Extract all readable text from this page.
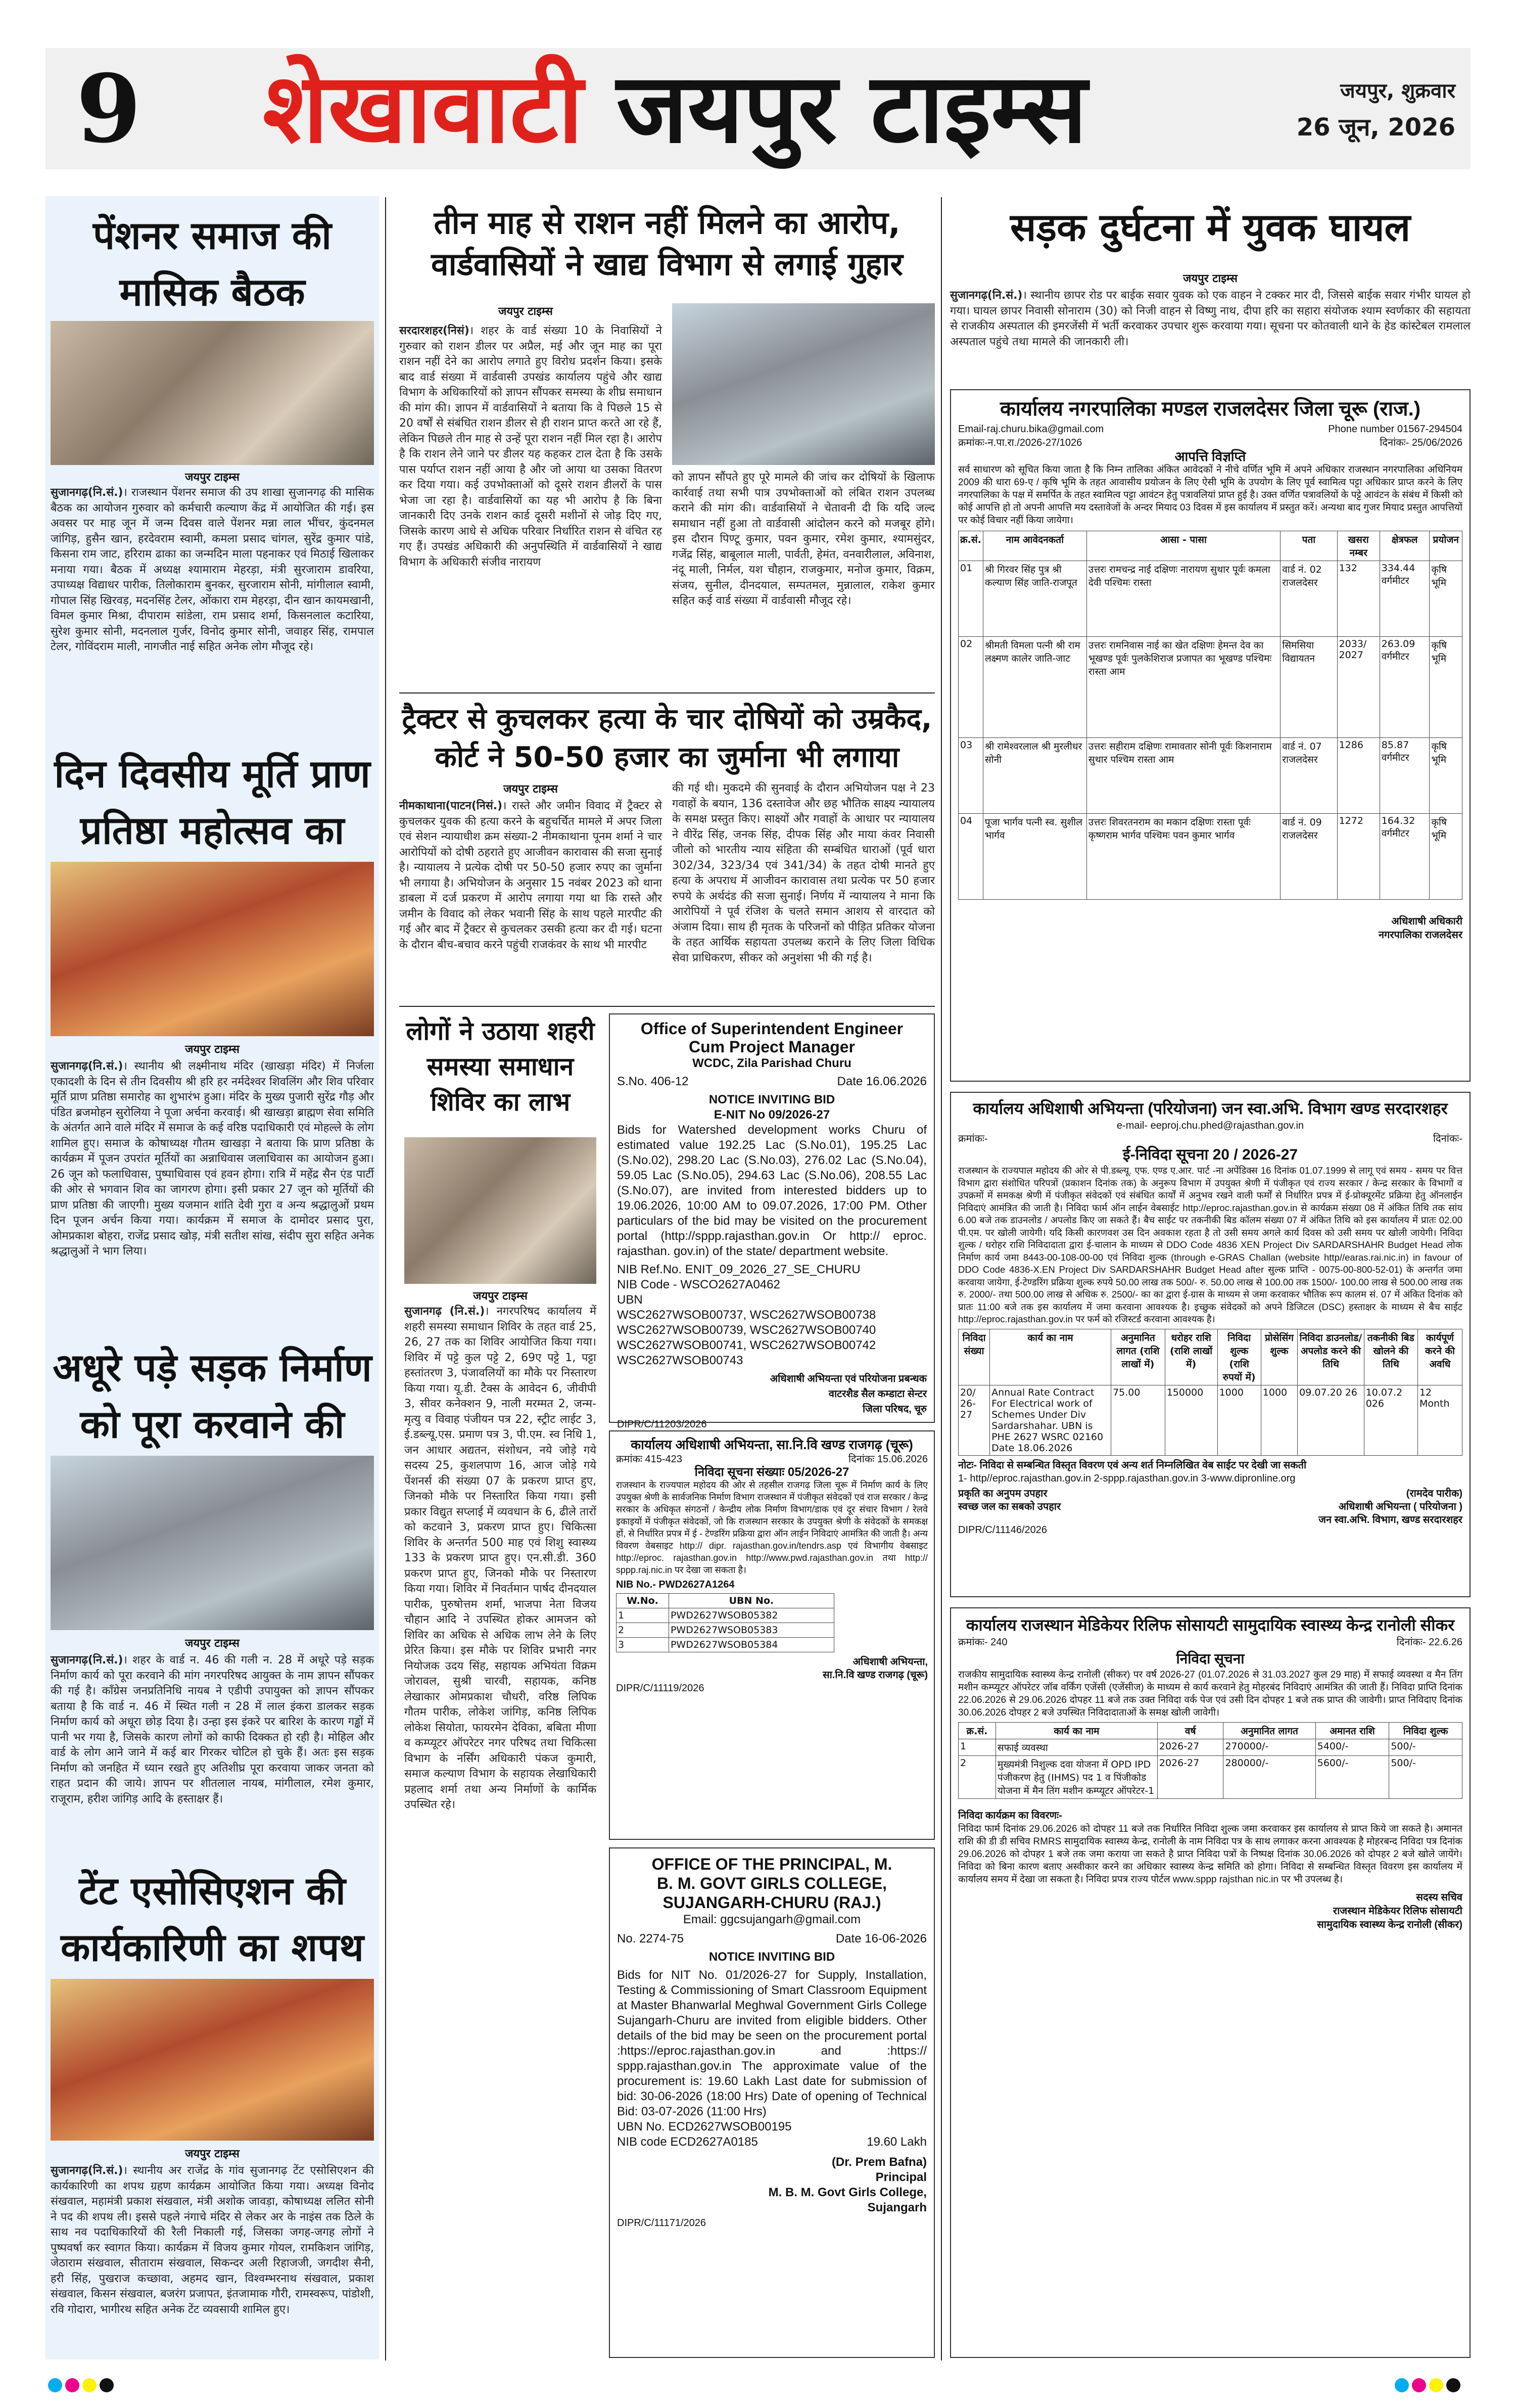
9 शेखावाटी जयपुर टाइम्स	जयपुर, शुक्रवार
26 जून, 2026
पेंशनर समाज की मासिक बैठक
जयपुर टाइम्स
सुजानगढ़(नि.सं.)। राजस्थान पेंशनर समाज की उप शाखा सुजानगढ़ की मासिक बैठक का आयोजन गुरुवार को कर्मचारी कल्याण केंद्र में आयोजित की गई। इस अवसर पर माह जून में जन्म दिवस वाले पेंशनर मन्ना लाल भींचर, कुंदनमल जांगिड़, हुसैन खान, हरदेवराम स्वामी, कमला प्रसाद चांगल, सुरेंद्र कुमार पांडे, किसना राम जाट, हरिराम ढाका का जन्मदिन माला पहनाकर एवं मिठाई खिलाकर मनाया गया। बैठक में अध्यक्ष श्यामाराम मेहरड़ा, मंत्री सुरजाराम डावरिया, उपाध्यक्ष विद्याधर पारीक, तिलोकाराम बुनकर, सुरजाराम सोनी, मांगीलाल स्वामी, गोपाल सिंह खिरवड़, मदनसिंह टेलर, ओंकारा राम मेहरड़ा, दीन खान कायमखानी, विमल कुमार मिश्रा, दीपाराम सांडेला, राम प्रसाद शर्मा, किसनलाल कटारिया, सुरेश कुमार सोनी, मदनलाल गुर्जर, विनोद कुमार सोनी, जवाहर सिंह, रामपाल टेलर, गोविंदराम माली, नागजीत नाई सहित अनेक लोग मौजूद रहे।
दिन दिवसीय मूर्ति प्राण प्रतिष्ठा महोत्सव का
जयपुर टाइम्स
सुजानगढ़(नि.सं.)। स्थानीय श्री लक्ष्मीनाथ मंदिर (खाखड़ा मंदिर) में निर्जला एकादशी के दिन से तीन दिवसीय श्री हरि हर नर्मदेश्वर शिवलिंग और शिव परिवार मूर्ति प्राण प्रतिष्ठा समारोह का शुभारंभ हुआ। मंदिर के मुख्य पुजारी सुरेंद्र गौड़ और पंडित ब्रजमोहन सुरोलिया ने पूजा अर्चना करवाई। श्री खाखड़ा ब्राह्मण सेवा समिति के अंतर्गत आने वाले मंदिर में समाज के कई वरिष्ठ पदाधिकारी एवं मोहल्ले के लोग शामिल हुए। समाज के कोषाध्यक्ष गौतम खाखड़ा ने बताया कि प्राण प्रतिष्ठा के कार्यक्रम में पूजन उपरांत मूर्तियों का अन्नाधिवास जलाधिवास का आयोजन हुआ। 26 जून को फलाधिवास, पुष्पाधिवास एवं हवन होगा। रात्रि में महेंद्र सैन एंड पार्टी की ओर से भगवान शिव का जागरण होगा। इसी प्रकार 27 जून को मूर्तियों की प्राण प्रतिष्ठा की जाएगी। मुख्य यजमान शांति देवी गुरा व अन्य श्रद्धालुओं प्रथम दिन पूजन अर्चन किया गया। कार्यक्रम में समाज के दामोदर प्रसाद पुरा, ओमप्रकाश बोहरा, राजेंद्र प्रसाद खोड़, मंत्री सतीश सांख, संदीप सुरा सहित अनेक श्रद्धालुओं ने भाग लिया।
अधूरे पड़े सड़क निर्माण को पूरा करवाने की
जयपुर टाइम्स
सुजानगढ़(नि.सं.)। शहर के वार्ड न. 46 की गली न. 28 में अधूरे पड़े सड़क निर्माण कार्य को पूरा करवाने की मांग नगरपरिषद आयुक्त के नाम ज्ञापन सौंपकर की गई है। कॉंग्रेस जनप्रतिनिधि नायब ने एडीपी उपायुक्त को ज्ञापन सौंपकर बताया है कि वार्ड न. 46 में स्थित गली न 28 में लाल इंकरा डालकर सड़क निर्माण कार्य को अधूरा छोड़ दिया है। उन्हा इस इंकरे पर बारिश के कारण गड्ढों में पानी भर गया है, जिसके कारण लोगों को काफी दिक्कत हो रही है। मोहिल और वार्ड के लोग आने जाने में कई बार गिरकर चोटिल हो चुके हैं। अतः इस सड़क निर्माण को जनहित में ध्यान रखते हुए अतिशीघ्र पूरा करवाया जाकर जनता को राहत प्रदान की जाये। ज्ञापन पर शीतलाल नायब, मांगीलाल, रमेश कुमार, राजूराम, हरीश जांगिड़ आदि के हस्ताक्षर हैं।
टेंट एसोसिएशन की कार्यकारिणी का शपथ
जयपुर टाइम्स
सुजानगढ़(नि.सं.)। स्थानीय अर राजेंद्र के गांव सुजानगढ़ टेंट एसोसिएशन की कार्यकारिणी का शपथ ग्रहण कार्यक्रम आयोजित किया गया। अध्यक्ष विनोद संखवाल, महामंत्री प्रकाश संखवाल, मंत्री अशोक जावड़ा, कोषाध्यक्ष ललित सोनी ने पद की शपथ ली। इससे पहले नंगाचे मंदिर से लेकर अर के नाइंस तक ठिले के साथ नव पदाधिकारियों की रैली निकाली गई, जिसका जगह-जगह लोगों ने पुष्पवर्षा कर स्वागत किया। कार्यक्रम में विजय कुमार गोयल, रामकिशन जांगिड़, जेठाराम संखवाल, सीताराम संखवाल, सिकन्दर अली रिहाजजी, जगदीश सैनी, हरी सिंह, पुखराज कच्छावा, अहमद खान, विश्वम्भरनाथ संखवाल, प्रकाश संखवाल, किसन संखवाल, बजरंग प्रजापत, इंतजामाक गौरी, रामस्वरूप, पांडोशी, रवि गोदारा, भागीरथ सहित अनेक टेंट व्यवसायी शामिल हुए।
तीन माह से राशन नहीं मिलने का आरोप, वार्डवासियों ने खाद्य विभाग से लगाई गुहार
जयपुर टाइम्स
सरदारशहर(निसं)। शहर के वार्ड संख्या 10 के निवासियों ने गुरुवार को राशन डीलर पर अप्रैल, मई और जून माह का पूरा राशन नहीं देने का आरोप लगाते हुए विरोध प्रदर्शन किया। इसके बाद वार्ड संख्या में वार्डवासी उपखंड कार्यालय पहुंचे और खाद्य विभाग के अधिकारियों को ज्ञापन सौंपकर समस्या के शीघ्र समाधान की मांग की। ज्ञापन में वार्डवासियों ने बताया कि वे पिछले 15 से 20 वर्षों से संबंधित राशन डीलर से ही राशन प्राप्त करते आ रहे हैं, लेकिन पिछले तीन माह से उन्हें पूरा राशन नहीं मिल रहा है। आरोप है कि राशन लेने जाने पर डीलर यह कहकर टाल देता है कि उसके पास पर्याप्त राशन नहीं आया है और जो आया था उसका वितरण कर दिया गया। कई उपभोक्ताओं को दूसरे राशन डीलरों के पास भेजा जा रहा है। वार्डवासियों का यह भी आरोप है कि बिना जानकारी दिए उनके राशन कार्ड दूसरी मशीनों से जोड़ दिए गए, जिसके कारण आधे से अधिक परिवार निर्धारित राशन से वंचित रह गए हैं। उपखंड अधिकारी की अनुपस्थिति में वार्डवासियों ने खाद्य विभाग के अधिकारी संजीव नारायण
को ज्ञापन सौंपते हुए पूरे मामले की जांच कर दोषियों के खिलाफ कार्रवाई तथा सभी पात्र उपभोक्ताओं को लंबित राशन उपलब्ध कराने की मांग की। वार्डवासियों ने चेतावनी दी कि यदि जल्द समाधान नहीं हुआ तो वार्डवासी आंदोलन करने को मजबूर होंगे। इस दौरान पिण्टू कुमार, पवन कुमार, रमेश कुमार, श्यामसुंदर, गजेंद्र सिंह, बाबूलाल माली, पार्वती, हेमंत, वनवारीलाल, अविनाश, नंदू माली, निर्मल, यश चौहान, राजकुमार, मनोज कुमार, विक्रम, संजय, सुनील, दीनदयाल, सम्पतमल, मुन्नालाल, राकेश कुमार सहित कई वार्ड संख्या में वार्डवासी मौजूद रहे।
ट्रैक्टर से कुचलकर हत्या के चार दोषियों को उम्रकैद, कोर्ट ने 50-50 हजार का जुर्माना भी लगाया
जयपुर टाइम्स
नीमकाथाना(पाटन(निसं.)। रास्ते और जमीन विवाद में ट्रैक्टर से कुचलकर युवक की हत्या करने के बहुचर्चित मामले में अपर जिला एवं सेशन न्यायाधीश क्रम संख्या-2 नीमकाथाना पूनम शर्मा ने चार आरोपियों को दोषी ठहराते हुए आजीवन कारावास की सजा सुनाई है। न्यायालय ने प्रत्येक दोषी पर 50-50 हजार रुपए का जुर्माना भी लगाया है। अभियोजन के अनुसार 15 नवंबर 2023 को थाना डाबला में दर्ज प्रकरण में आरोप लगाया गया था कि रास्ते और जमीन के विवाद को लेकर भवानी सिंह के साथ पहले मारपीट की गई और बाद में ट्रैक्टर से कुचलकर उसकी हत्या कर दी गई। घटना के दौरान बीच-बचाव करने पहुंची राजकंवर के साथ भी मारपीट
की गई थी। मुकदमे की सुनवाई के दौरान अभियोजन पक्ष ने 23 गवाहों के बयान, 136 दस्तावेज और छह भौतिक साक्ष्य न्यायालय के समक्ष प्रस्तुत किए। साक्ष्यों और गवाहों के आधार पर न्यायालय ने वीरेंद्र सिंह, जनक सिंह, दीपक सिंह और माया कंवर निवासी जीलो को भारतीय न्याय संहिता की सम्बंधित धाराओं (पूर्व धारा 302/34, 323/34 एवं 341/34) के तहत दोषी मानते हुए हत्या के अपराध में आजीवन कारावास तथा प्रत्येक पर 50 हजार रुपये के अर्थदंड की सजा सुनाई। निर्णय में न्यायालय ने माना कि आरोपियों ने पूर्व रंजिश के चलते समान आशय से वारदात को अंजाम दिया। साथ ही मृतक के परिजनों को पीड़ित प्रतिकर योजना के तहत आर्थिक सहायता उपलब्ध कराने के लिए जिला विधिक सेवा प्राधिकरण, सीकर को अनुशंसा भी की गई है।
लोगों ने उठाया शहरी समस्या समाधान शिविर का लाभ
जयपुर टाइम्स
सुजानगढ़ (नि.सं.)। नगरपरिषद कार्यालय में शहरी समस्या समाधान शिविर के तहत वार्ड 25, 26, 27 तक का शिविर आयोजित किया गया। शिविर में पट्टे कुल पट्टे 2, 69ए पट्टे 1, पट्टा हस्तांतरण 3, पंजावलियों का मौके पर निस्तारण किया गया। यू.डी. टैक्स के आवेदन 6, जीवीपी 3, सीवर कनेक्शन 9, नाली मरम्मत 2, जन्म-मृत्यु व विवाह पंजीयन पत्र 22, स्ट्रीट लाईट 3, ई.डब्ल्यू.एस. प्रमाण पत्र 3, पी.एम. स्व निधि 1, जन आधार अद्यतन, संशोधन, नये जोड़े गये सदस्य 25, कुशलपाण 16, आज जोड़े गये पेंशनर्स की संख्या 07 के प्रकरण प्राप्त हुए, जिनको मौके पर निस्तारित किया गया। इसी प्रकार विद्युत सप्लाई में व्यवधान के 6, ढीले तारों को कटवाने 3, प्रकरण प्राप्त हुए। चिकित्सा शिविर के अन्तर्गत 500 माह एवं शिशु स्वास्थ्य 133 के प्रकरण प्राप्त हुए। एन.सी.डी. 360 प्रकरण प्राप्त हुए, जिनको मौके पर निस्तारण किया गया। शिविर में निवर्तमान पार्षद दीनदयाल पारीक, पुरुषोत्तम शर्मा, भाजपा नेता विजय चौहान आदि ने उपस्थित होकर आमजन को शिविर का अधिक से अधिक लाभ लेने के लिए प्रेरित किया। इस मौके पर शिविर प्रभारी नगर नियोजक उदय सिंह, सहायक अभियंता विक्रम जोरावल, सुश्री चारवी, सहायक, कनिष्ठ लेखाकार ओमप्रकाश चौधरी, वरिष्ठ लिपिक गौतम पारीक, लोकेश जांगिड़, कनिष्ठ लिपिक लोकेश सियोता, फायरमेन देविका, बबिता मीणा व कम्प्यूटर ऑपरेटर नगर परिषद तथा चिकित्सा विभाग के नर्सिंग अधिकारी पंकज कुमारी, समाज कल्याण विभाग के सहायक लेखाधिकारी प्रहलाद शर्मा तथा अन्य निर्माणों के कार्मिक उपस्थित रहे।
Office of Superintendent Engineer
Cum Project Manager
WCDC, Zila Parishad Churu
S.No. 406-12	Date 16.06.2026
NOTICE INVITING BID
E-NIT No 09/2026-27
Bids for Watershed development works Churu of estimated value 192.25 Lac (S.No.01), 195.25 Lac (S.No.02), 298.20 Lac (S.No.03), 276.02 Lac (S.No.04), 59.05 Lac (S.No.05), 294.63 Lac (S.No.06), 208.55 Lac (S.No.07), are invited from interested bidders up to 19.06.2026, 10:00 AM to 09.07.2026, 17:00 PM. Other particulars of the bid may be visited on the procurement portal (http://sppp.rajasthan.gov.in Or http:// eproc. rajasthan. gov.in) of the state/ department website.
NIB Ref.No. ENIT_09_2026_27_SE_CHURU
NIB Code - WSCO2627A0462
UBN
WSC2627WSOB00737, WSC2627WSOB00738
WSC2627WSOB00739, WSC2627WSOB00740
WSC2627WSOB00741, WSC2627WSOB00742
WSC2627WSOB00743
अधिशाषी अभियन्ता एवं परियोजना प्रबन्धक
वाटरशैड सैल कम्डाटा सेन्टर
जिला परिषद, चूरु
DIPR/C/11203/2026
कार्यालय अधिशाषी अभियन्ता, सा.नि.वि खण्ड राजगढ़ (चूरू)
क्रमांकः 415-423	दिनांकः 15.06.2026
निविदा सूचना संख्याः 05/2026-27
राजस्थान के राज्यपाल महोदय की ओर से तहसील राजगढ़ जिला चूरू में निर्माण कार्य के लिए उपयुक्त श्रेणी के सार्वजनिक निर्माण विभाग राजस्थान में पंजीकृत संवेदकों एवं राज सरकार / केन्द्र सरकार के अधिकृत संगठनों / केन्द्रीय लोक निर्माण विभाग/डाक एवं दूर संचार विभाग / रेलवे इकाइयों में पंजीकृत संवेदकों, जो कि राजस्थान सरकार के उपयुक्त श्रेणी के संवेदकों के समकक्ष हों, से निर्धारित प्रपत्र में ई - टेण्डरिंग प्रक्रिया द्वारा ऑन लाईन निविदाएं आमंत्रित की जाती है। अन्य विवरण वेबसाइट http:// dipr. rajasthan.gov.in/tendrs.asp एवं विभागीय वेबसाइट http://eproc. rajasthan.gov.in http://www.pwd.rajasthan.gov.in तथा http:// sppp.raj.nic.in पर देखा जा सकता है।
NIB No.- PWD2627A1264
W.No.	UBN No.
1	PWD2627WSOB05382
2	PWD2627WSOB05383
3	PWD2627WSOB05384
अधिशाषी अभियन्ता,
सा.नि.वि खण्ड राजगढ़ (चूरू)
DIPR/C/11119/2026
OFFICE OF THE PRINCIPAL, M.
B. M. GOVT GIRLS COLLEGE,
SUJANGARH-CHURU (RAJ.)
Email: ggcsujangarh@gmail.com
No. 2274-75	Date 16-06-2026
NOTICE INVITING BID
Bids for NIT No. 01/2026-27 for Supply, Installation, Testing & Commissioning of Smart Classroom Equipment at Master Bhanwarlal Meghwal Government Girls College Sujangarh-Churu are invited from eligible bidders. Other details of the bid may be seen on the procurement portal :https://eproc.rajasthan.gov.in and :https:// sppp.rajasthan.gov.in The approximate value of the procurement is: 19.60 Lakh Last date for submission of bid: 30-06-2026 (18:00 Hrs) Date of opening of Technical Bid: 03-07-2026 (11:00 Hrs)
UBN No. ECD2627WSOB00195
NIB code ECD2627A0185	19.60 Lakh
(Dr. Prem Bafna)
Principal
M. B. M. Govt Girls College,
Sujangarh
DIPR/C/11171/2026
सड़क दुर्घटना में युवक घायल
जयपुर टाइम्स
सुजानगढ़(नि.सं.)। स्थानीय छापर रोड पर बाईक सवार युवक को एक वाहन ने टक्कर मार दी, जिससे बाईक सवार गंभीर घायल हो गया। घायल छापर निवासी सोनाराम (30) को निजी वाहन से विष्णु नाथ, दीपा हरि का सहारा संयोजक श्याम स्वर्णकार की सहायता से राजकीय अस्पताल की इमरजेंसी में भर्ती करवाकर उपचार शुरू करवाया गया। सूचना पर कोतवाली थाने के हेड कांस्टेबल रामलाल अस्पताल पहुंचे तथा मामले की जानकारी ली।
कार्यालय नगरपालिका मण्डल राजलदेसर जिला चूरू (राज.)
Email-raj.churu.bika@gmail.com	Phone number 01567-294504
क्रमांकः-न.पा.रा./2026-27/1026	दिनांकः- 25/06/2026
आपत्ति विज्ञप्ति
सर्व साधारण को सूचित किया जाता है कि निम्न तालिका अंकित आवेदकों ने नीचे वर्णित भूमि में अपने अधिकार राजस्थान नगरपालिका अधिनियम 2009 की धारा 69-ए / कृषि भूमि के तहत आवासीय प्रयोजन के लिए ऐसी भूमि के उपयोग के लिए पूर्व स्वामित्व पट्टा अधिकार प्राप्त करने के लिए नगरपालिका के पक्ष में समर्पित के तहत स्वामित्व पट्टा आवंटन हेतु पत्रावलियां प्राप्त हुई है। उक्त वर्णित पत्रावलियों के पट्टे आवंटन के संबंध में किसी को कोई आपत्ति हो तो अपनी आपत्ति मय दस्तावेजों के अन्दर मियाद 03 दिवस में इस कार्यालय में प्रस्तुत करें। अन्यथा बाद गुजर मियाद प्रस्तुत आपत्तियों पर कोई विचार नहीं किया जायेगा।
क्र.सं.	नाम आवेदनकर्ता	आसा - पासा	पता	खसरा नम्बर	क्षेत्रफल	प्रयोजन
01	श्री गिरवर सिंह पुत्र श्री कल्याण सिंह जाति-राजपूत	उत्तरः रामचन्द्र नाई दक्षिणः नारायण सुथार पूर्वः कमला देवी पश्चिमः रास्ता	वार्ड नं. 02 राजलदेसर	132	334.44 वर्गमीटर	कृषि भूमि
02	श्रीमती विमला पत्नी श्री राम लक्ष्मण कालेर जाति-जाट	उत्तरः रामनिवास नाई का खेत दक्षिणः हेमन्त देव का भूखण्ड पूर्वः पुलकेशिराज प्रजापत का भूखण्ड पश्चिमः रास्ता आम	सिमसिया विद्यायतन	2033/ 2027	263.09 वर्गमीटर	कृषि भूमि
03	श्री रामेश्वरलाल श्री मुरलीधर सोनी	उत्तरः सहीराम दक्षिणः रामावतार सोनी पूर्वः किशनाराम सुथार पश्चिम रास्ता आम	वार्ड नं. 07 राजलदेसर	1286	85.87 वर्गमीटर	कृषि भूमि
04	पूजा भार्गव पत्नी स्व. सुशील भार्गव	उत्तरः शिवरतनराम का मकान दक्षिणः रास्ता पूर्वः कृष्णराम भार्गव पश्चिमः पवन कुमार भार्गव	वार्ड नं. 09 राजलदेसर	1272	164.32 वर्गमीटर	कृषि भूमि
अधिशाषी अधिकारी
नगरपालिका राजलदेसर
कार्यालय अधिशाषी अभियन्ता (परियोजना) जन स्वा.अभि. विभाग खण्ड सरदारशहर
e-mail- eeproj.chu.phed@rajasthan.gov.in
क्रमांकः-	दिनांकः-
ई-निविदा सूचना 20 / 2026-27
राजस्थान के राज्यपाल महोदय की ओर से पी.डब्ल्यू. एफ. एण्ड ए.आर. पार्ट -ना अपेंडिक्स 16 दिनांक 01.07.1999 से लागू एवं समय - समय पर वित्त विभाग द्वारा संशोधित परिपत्रों (प्रकाशन दिनांक तक) के अनुरूप विभाग में उपयुक्त श्रेणी में पंजीकृत एवं राज्य सरकार / केन्द्र सरकार के विभागों व उपक्रमों में समकक्ष श्रेणी में पंजीकृत संवेदकों एवं संबंधित कार्यों में अनुभव रखने वाली फर्मों से निर्धारित प्रपत्र में ई-प्रोक्यूरमेंट प्रक्रिया हेतु ऑनलाईन निविदाएं आमंत्रित की जाती है। निविदा फार्म ऑन लाईन वेबसाईट http://eproc.rajasthan.gov.in से कार्यक्रम संख्या 08 में अंकित तिथि तक सांय 6.00 बजे तक डाउनलोड / अपलोड किए जा सकते हैं। बैच साईट पर तकनीकी बिड कॉलम संख्या 07 में अंकित तिथि को इस कार्यालय में प्रातः 02.00 पी.एम. पर खोली जायेगी। यदि किसी कारणवश उस दिन अवकाश रहता है तो उसी समय अगले कार्य दिवस को उसी समय पर खोली जायेगी। निविदा शुल्क / धरोहर राशि निविदादाता द्वारा ई-चालान के माध्यम से DDO Code 4836 XEN Project Div SARDARSHAHR Budget Head लोक निर्माण कार्य जमा 8443-00-108-00-00 एवं निविदा शुल्क (through e-GRAS Challan (website http//earas.rai.nic.in) in favour of DDO Code 4836-X.EN Project Div SARDARSHAHR Budget Head after सुल्क प्राप्ति - 0075-00-800-52-01) के अन्तर्गत जमा करवाया जायेगा, ई-टेण्डरिंग प्रक्रिया शुल्क रुपये 50.00 लाख तक 500/- रु. 50.00 लाख से 100.00 तक 1500/- 100.00 लाख से 500.00 लाख तक रु. 2000/- तथा 500.00 लाख से अधिक रु. 2500/- का का द्वारा ई-ग्रास के माध्यम से जमा करवाकर भौतिक रूप कालम सं. 07 में अंकित दिनांक को प्रातः 11:00 बजे तक इस कार्यालय में जमा करवाना आवश्यक है। इच्छुक संवेदकों को अपने डिजिटल (DSC) हस्ताक्षर के माध्यम से बैच साईट http://eproc.rajasthan.gov.in पर फर्म को रजिस्टर्ड करवाना आवश्यक है।
निविदा संख्या	कार्य का नाम	अनुमानित लागत (राशि लाखों में)	धरोहर राशि (राशि लाखों में)	निविदा शुल्क (राशि रुपयों में)	प्रोसेसिंग शुल्क	निविदा डाउनलोड/ अपलोड करने की तिथि	तकनीकी बिड खोलने की तिथि	कार्यपूर्ण करने की अवधि
20/ 26-27	Annual Rate Contract For Electrical work of Schemes Under Div Sardarshahar. UBN is PHE 2627 WSRC 02160 Date 18.06.2026	75.00	150000	1000	1000	09.07.20 26	10.07.2 026	12 Month
नोटः- निविदा से सम्बन्धित विस्तृत विवरण एवं अन्य शर्त निम्नलिखित वेब साईट पर देखी जा सकती
1- http//eproc.rajasthan.gov.in 2-sppp.rajasthan.gov.in 3-www.dipronline.org
प्रकृति का अनुपम उपहार
स्वच्छ जल का सबको उपहार
DIPR/C/11146/2026
(रामदेव पारीक)
अधिशाषी अभियन्ता ( परियोजना )
जन स्वा.अभि. विभाग, खण्ड सरदारशहर
कार्यालय राजस्थान मेडिकेयर रिलिफ सोसायटी सामुदायिक स्वास्थ्य केन्द्र रानोली सीकर
क्रमांकः- 240	दिनांकः- 22.6.26
निविदा सूचना
राजकीय सामुदायिक स्वास्थ्य केन्द्र रानोली (सीकर) पर वर्ष 2026-27 (01.07.2026 से 31.03.2027 कुल 29 माह) में सफाई व्यवस्था व मैन तिंग मशीन कम्प्यूटर ऑपरेटर जॉब वर्किंग एजेंसी (एजेंसीज) के माध्यम से कार्य करवाने हेतु मोहरबंद निविदाएं आमंत्रित की जाती हैं। निविदा प्राप्ति दिनांक 22.06.2026 से 29.06.2026 दोपहर 11 बजे तक उक्त निविदा वर्क पेज एवं उसी दिन दोपहर 1 बजे तक प्राप्त की जावेगी। प्राप्त निविदाए दिनांक 30.06.2026 दोपहर 2 बजे उपस्थित निविदादाताओं के समक्ष खोली जावेगी।
क्र.सं.	कार्य का नाम	वर्ष	अनुमानित लागत	अमानत राशि	निविदा शुल्क
1	सफाई व्यवस्था	2026-27	270000/-	5400/-	500/-
2	मुख्यमंत्री निशुल्क दवा योजना में OPD IPD पंजीकरण हेतु (IHMS) पद 1 व पिंजीकोड योजना में मैन तिंग मशीन कम्प्यूटर ऑपरेटर-1	2026-27	280000/-	5600/-	500/-
निविदा कार्यक्रम का विवरणः-
निविदा फार्म दिनांक 29.06.2026 को दोपहर 11 बजे तक निर्धारित निविदा शुल्क जमा करवाकर इस कार्यालय से प्राप्त किये जा सकते है। अमानत राशि की डी डी सचिव RMRS सामुदायिक स्वास्थ्य केन्द्र, रानोली के नाम निविदा पत्र के साथ लगाकर करना आवश्यक है मोहरबन्द निविदा पत्र दिनांक 29.06.2026 को दोपहर 1 बजे तक जमा कराया जा सकते है प्राप्त निविदा पत्रों के निष्पक्ष दिनांक 30.06.2026 को दोपहर 2 बजे खोले जायेंगे। निविदा को बिना कारण बताए अस्वीकार करने का अधिकार स्वास्थ्य केन्द्र समिति को होगा। निविदा से सम्बन्धित विस्तृत विवरण इस कार्यालय में कार्यालय समय में देखा जा सकता है। निविदा प्रपत्र राज्य पोर्टल www.sppp rajsthan nic.in पर भी उपलब्ध है।
सदस्य सचिव
राजस्थान मेडिकेयर रिलिफ सोसायटी
सामुदायिक स्वास्थ्य केन्द्र रानोली (सीकर)
